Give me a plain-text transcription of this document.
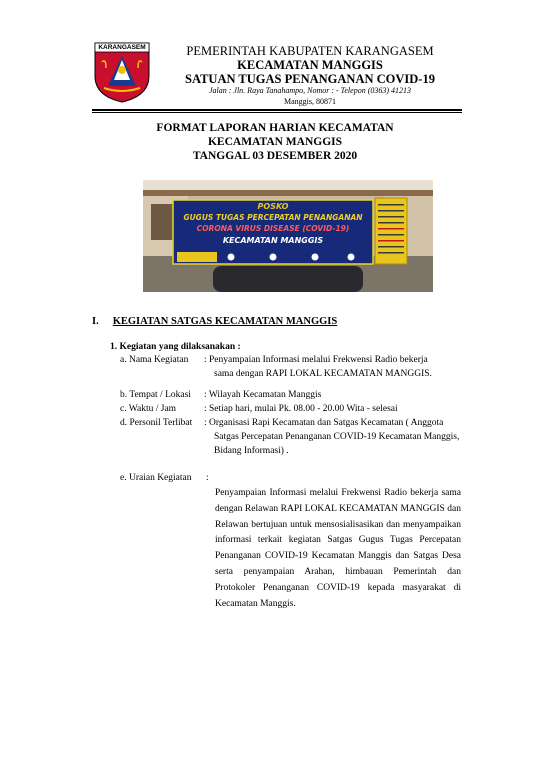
KARANGASEM	PEMERINTAH KABUPATEN KARANGASEM
KECAMATAN MANGGIS
SATUAN TUGAS PENANGANAN COVID-19
Jalan : Jln. Raya Tanahampo, Nomor : - Telepon (0363) 41213
Manggis, 80871
FORMAT LAPORAN HARIAN KECAMATAN
KECAMATAN MANGGIS
TANGGAL 03 DESEMBER 2020
POSKO
GUGUS TUGAS PERCEPATAN PENANGANAN
CORONA VIRUS DISEASE (COVID-19)
KECAMATAN MANGGIS
I. KEGIATAN SATGAS KECAMATAN MANGGIS
1. Kegiatan yang dilaksanakan :
a. Nama Kegiatan : Penyampaian Informasi melalui Frekwensi Radio bekerja
sama dengan RAPI LOKAL KECAMATAN MANGGIS.
b. Tempat / Lokasi : Wilayah Kecamatan Manggis
c. Waktu / Jam	: Setiap hari, mulai Pk. 08.00 - 20.00 Wita - selesai
d. Personil Terlibat : Organisasi Rapi Kecamatan dan Satgas Kecamatan ( Anggota
Satgas Percepatan Penanganan COVID-19 Kecamatan Manggis,
Bidang Informasi) .
e. Uraian Kegiatan :
Penyampaian Informasi melalui Frekwensi Radio bekerja sama dengan Relawan RAPI LOKAL KECAMATAN MANGGIS dan Relawan bertujuan untuk mensosialisasikan dan menyampaikan informasi terkait kegiatan Satgas Gugus Tugas Percepatan Penanganan COVID-19 Kecamatan Manggis dan Satgas Desa serta penyampaian Arahan, himbauan Pemerintah dan Protokoler Penanganan COVID-19 kepada masyarakat di Kecamatan Manggis.
